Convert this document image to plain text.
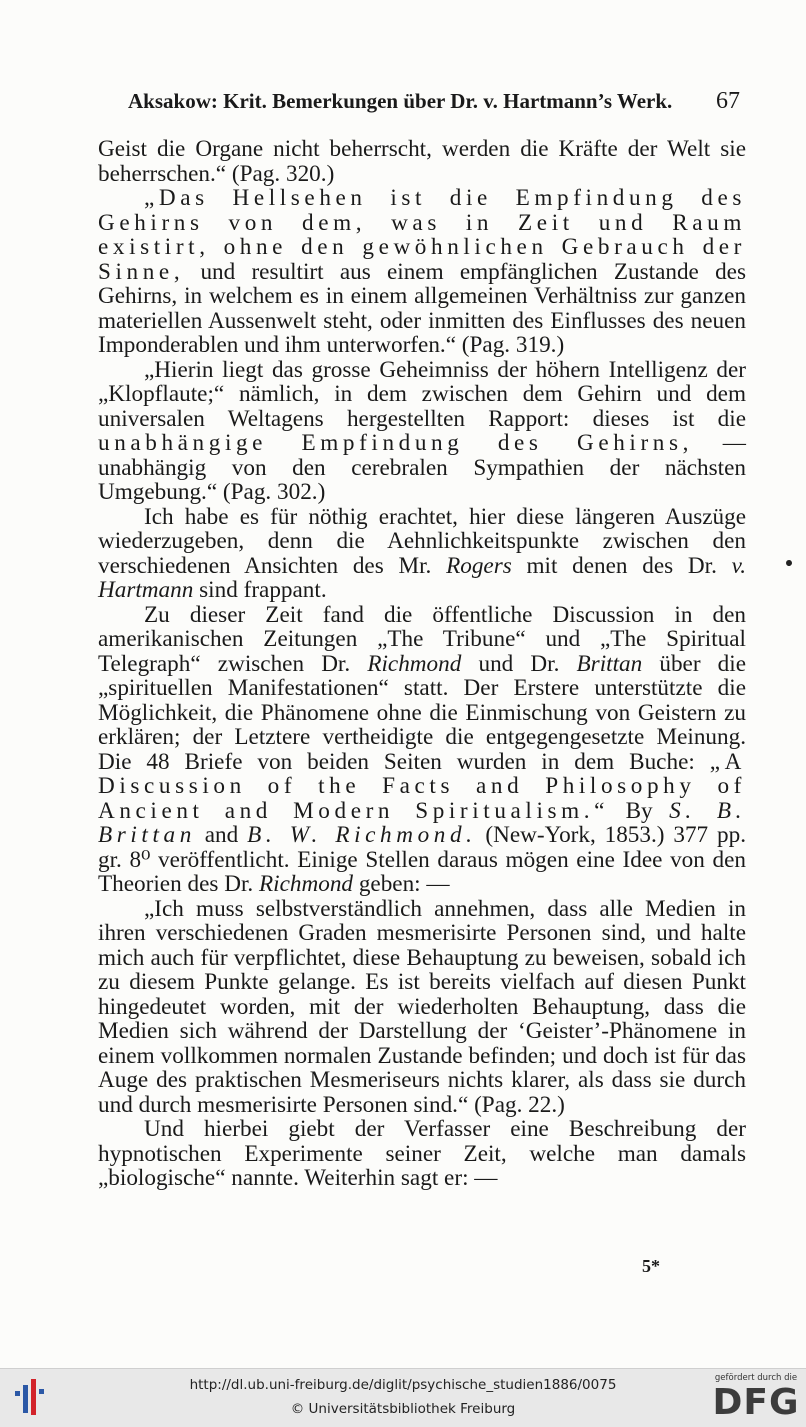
Aksakow: Krit. Bemerkungen über Dr. v. Hartmann’s Werk. 67

Geist die Organe nicht beherrscht, werden die Kräfte der Welt sie beherrschen.“ (Pag. 320.)

„Das Hellsehen ist die Empfindung des Gehirns von dem, was in Zeit und Raum existirt, ohne den gewöhnlichen Gebrauch der Sinne, und resultirt aus einem empfänglichen Zustande des Gehirns, in welchem es in einem allgemeinen Verhältniss zur ganzen materiellen Aussenwelt steht, oder inmitten des Einflusses des neuen Imponderablen und ihm unterworfen.“ (Pag. 319.)

„Hierin liegt das grosse Geheimniss der höhern Intelligenz der „Klopflaute;“ nämlich, in dem zwischen dem Gehirn und dem universalen Weltagens hergestellten Rapport: dieses ist die unabhängige Empfindung des Gehirns, — unabhängig von den cerebralen Sympathien der nächsten Umgebung.“ (Pag. 302.)

Ich habe es für nöthig erachtet, hier diese längeren Auszüge wiederzugeben, denn die Aehnlichkeitspunkte zwischen den verschiedenen Ansichten des Mr. Rogers mit denen des Dr. v. Hartmann sind frappant.

Zu dieser Zeit fand die öffentliche Discussion in den amerikanischen Zeitungen „The Tribune“ und „The Spiritual Telegraph“ zwischen Dr. Richmond und Dr. Brittan über die „spirituellen Manifestationen“ statt. Der Erstere unterstützte die Möglichkeit, die Phänomene ohne die Einmischung von Geistern zu erklären; der Letztere vertheidigte die entgegengesetzte Meinung. Die 48 Briefe von beiden Seiten wurden in dem Buche: „A Discussion of the Facts and Philosophy of Ancient and Modern Spiritualism.“ By S. B. Brittan and B. W. Richmond. (New-York, 1853.) 377 pp. gr. 8⁰ veröffentlicht. Einige Stellen daraus mögen eine Idee von den Theorien des Dr. Richmond geben: —

„Ich muss selbstverständlich annehmen, dass alle Medien in ihren verschiedenen Graden mesmerisirte Personen sind, und halte mich auch für verpflichtet, diese Behauptung zu beweisen, sobald ich zu diesem Punkte gelange. Es ist bereits vielfach auf diesen Punkt hingedeutet worden, mit der wiederholten Behauptung, dass die Medien sich während der Darstellung der ‘Geister’-Phänomene in einem vollkommen normalen Zustande befinden; und doch ist für das Auge des praktischen Mesmeriseurs nichts klarer, als dass sie durch und durch mesmerisirte Personen sind.“ (Pag. 22.)

Und hierbei giebt der Verfasser eine Beschreibung der hypnotischen Experimente seiner Zeit, welche man damals „biologische“ nannte. Weiterhin sagt er: —

5*
http://dl.ub.uni-freiburg.de/diglit/psychische_studien1886/0075
© Universitätsbibliothek Freiburg
gefördert durch die
DFG
